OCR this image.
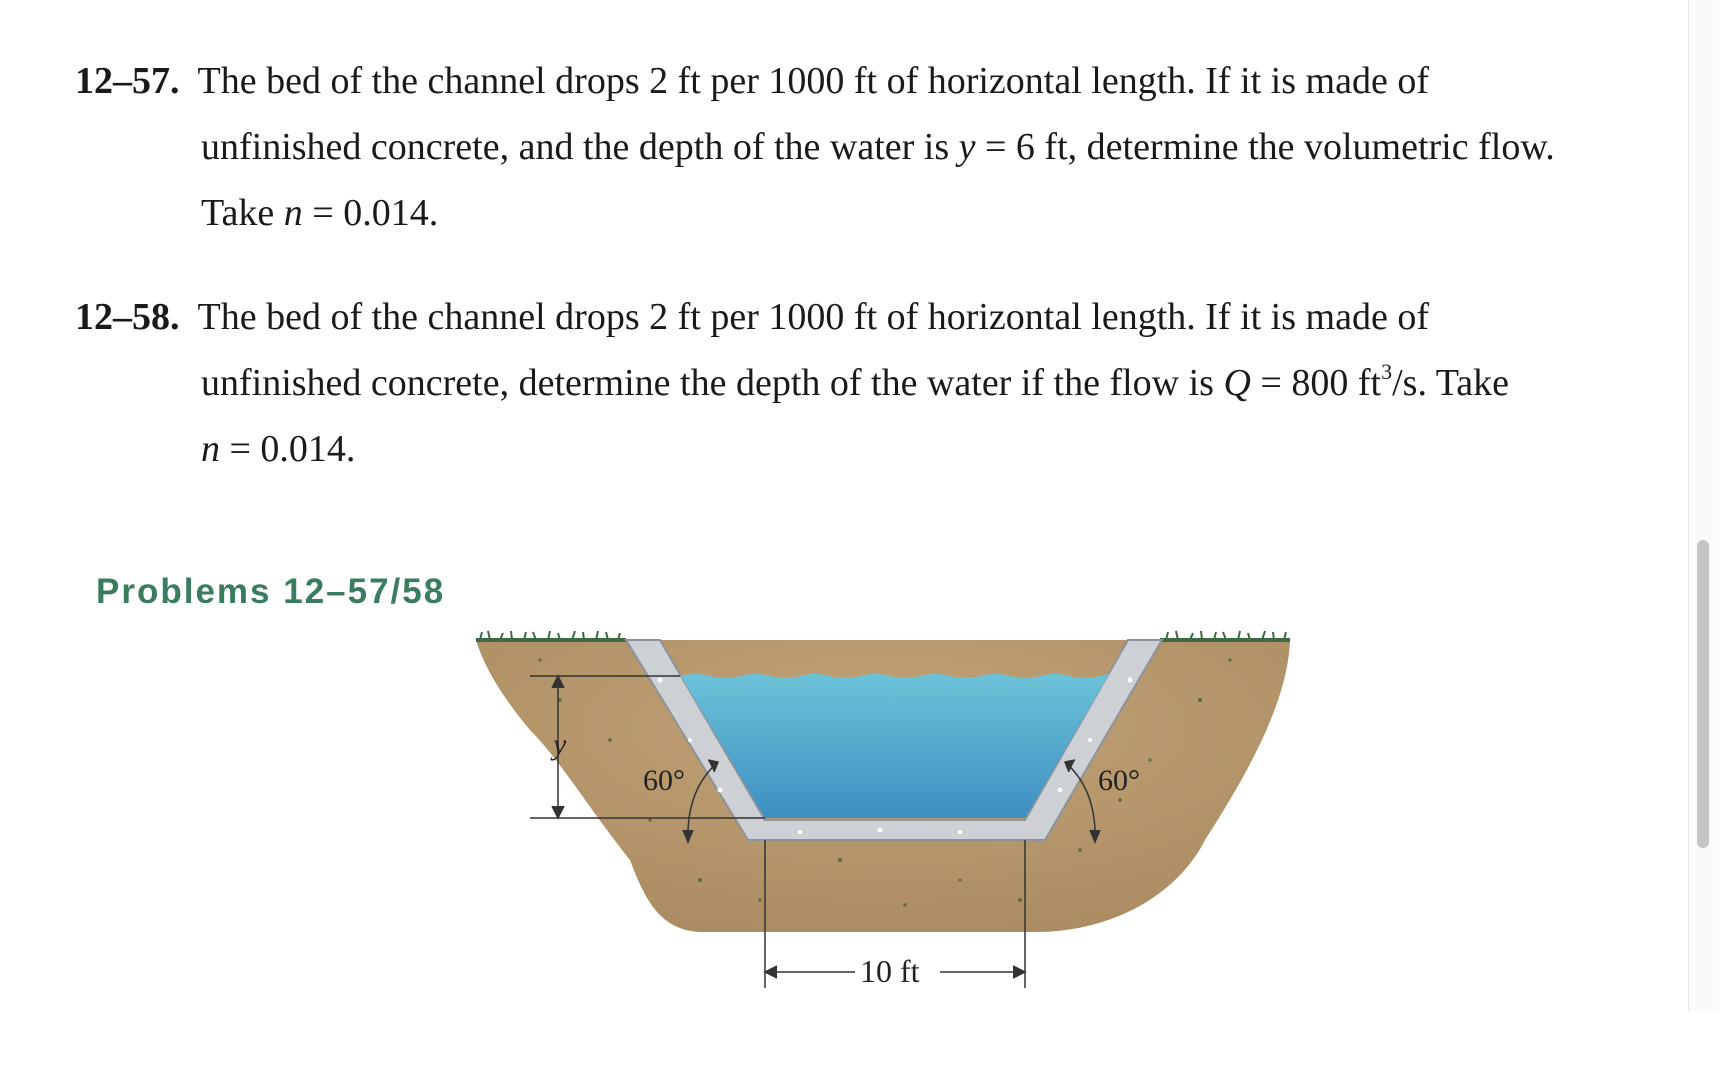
12–57. The bed of the channel drops 2 ft per 1000 ft of horizontal length. If it is made of
unfinished concrete, and the depth of the water is y = 6 ft, determine the volumetric flow.
Take n = 0.014.
12–58. The bed of the channel drops 2 ft per 1000 ft of horizontal length. If it is made of
unfinished concrete, determine the depth of the water if the flow is Q = 800 $ft^3/s$. Take
n = 0.014.
Problems 12–57/58
y
60°	60°
10 ft
